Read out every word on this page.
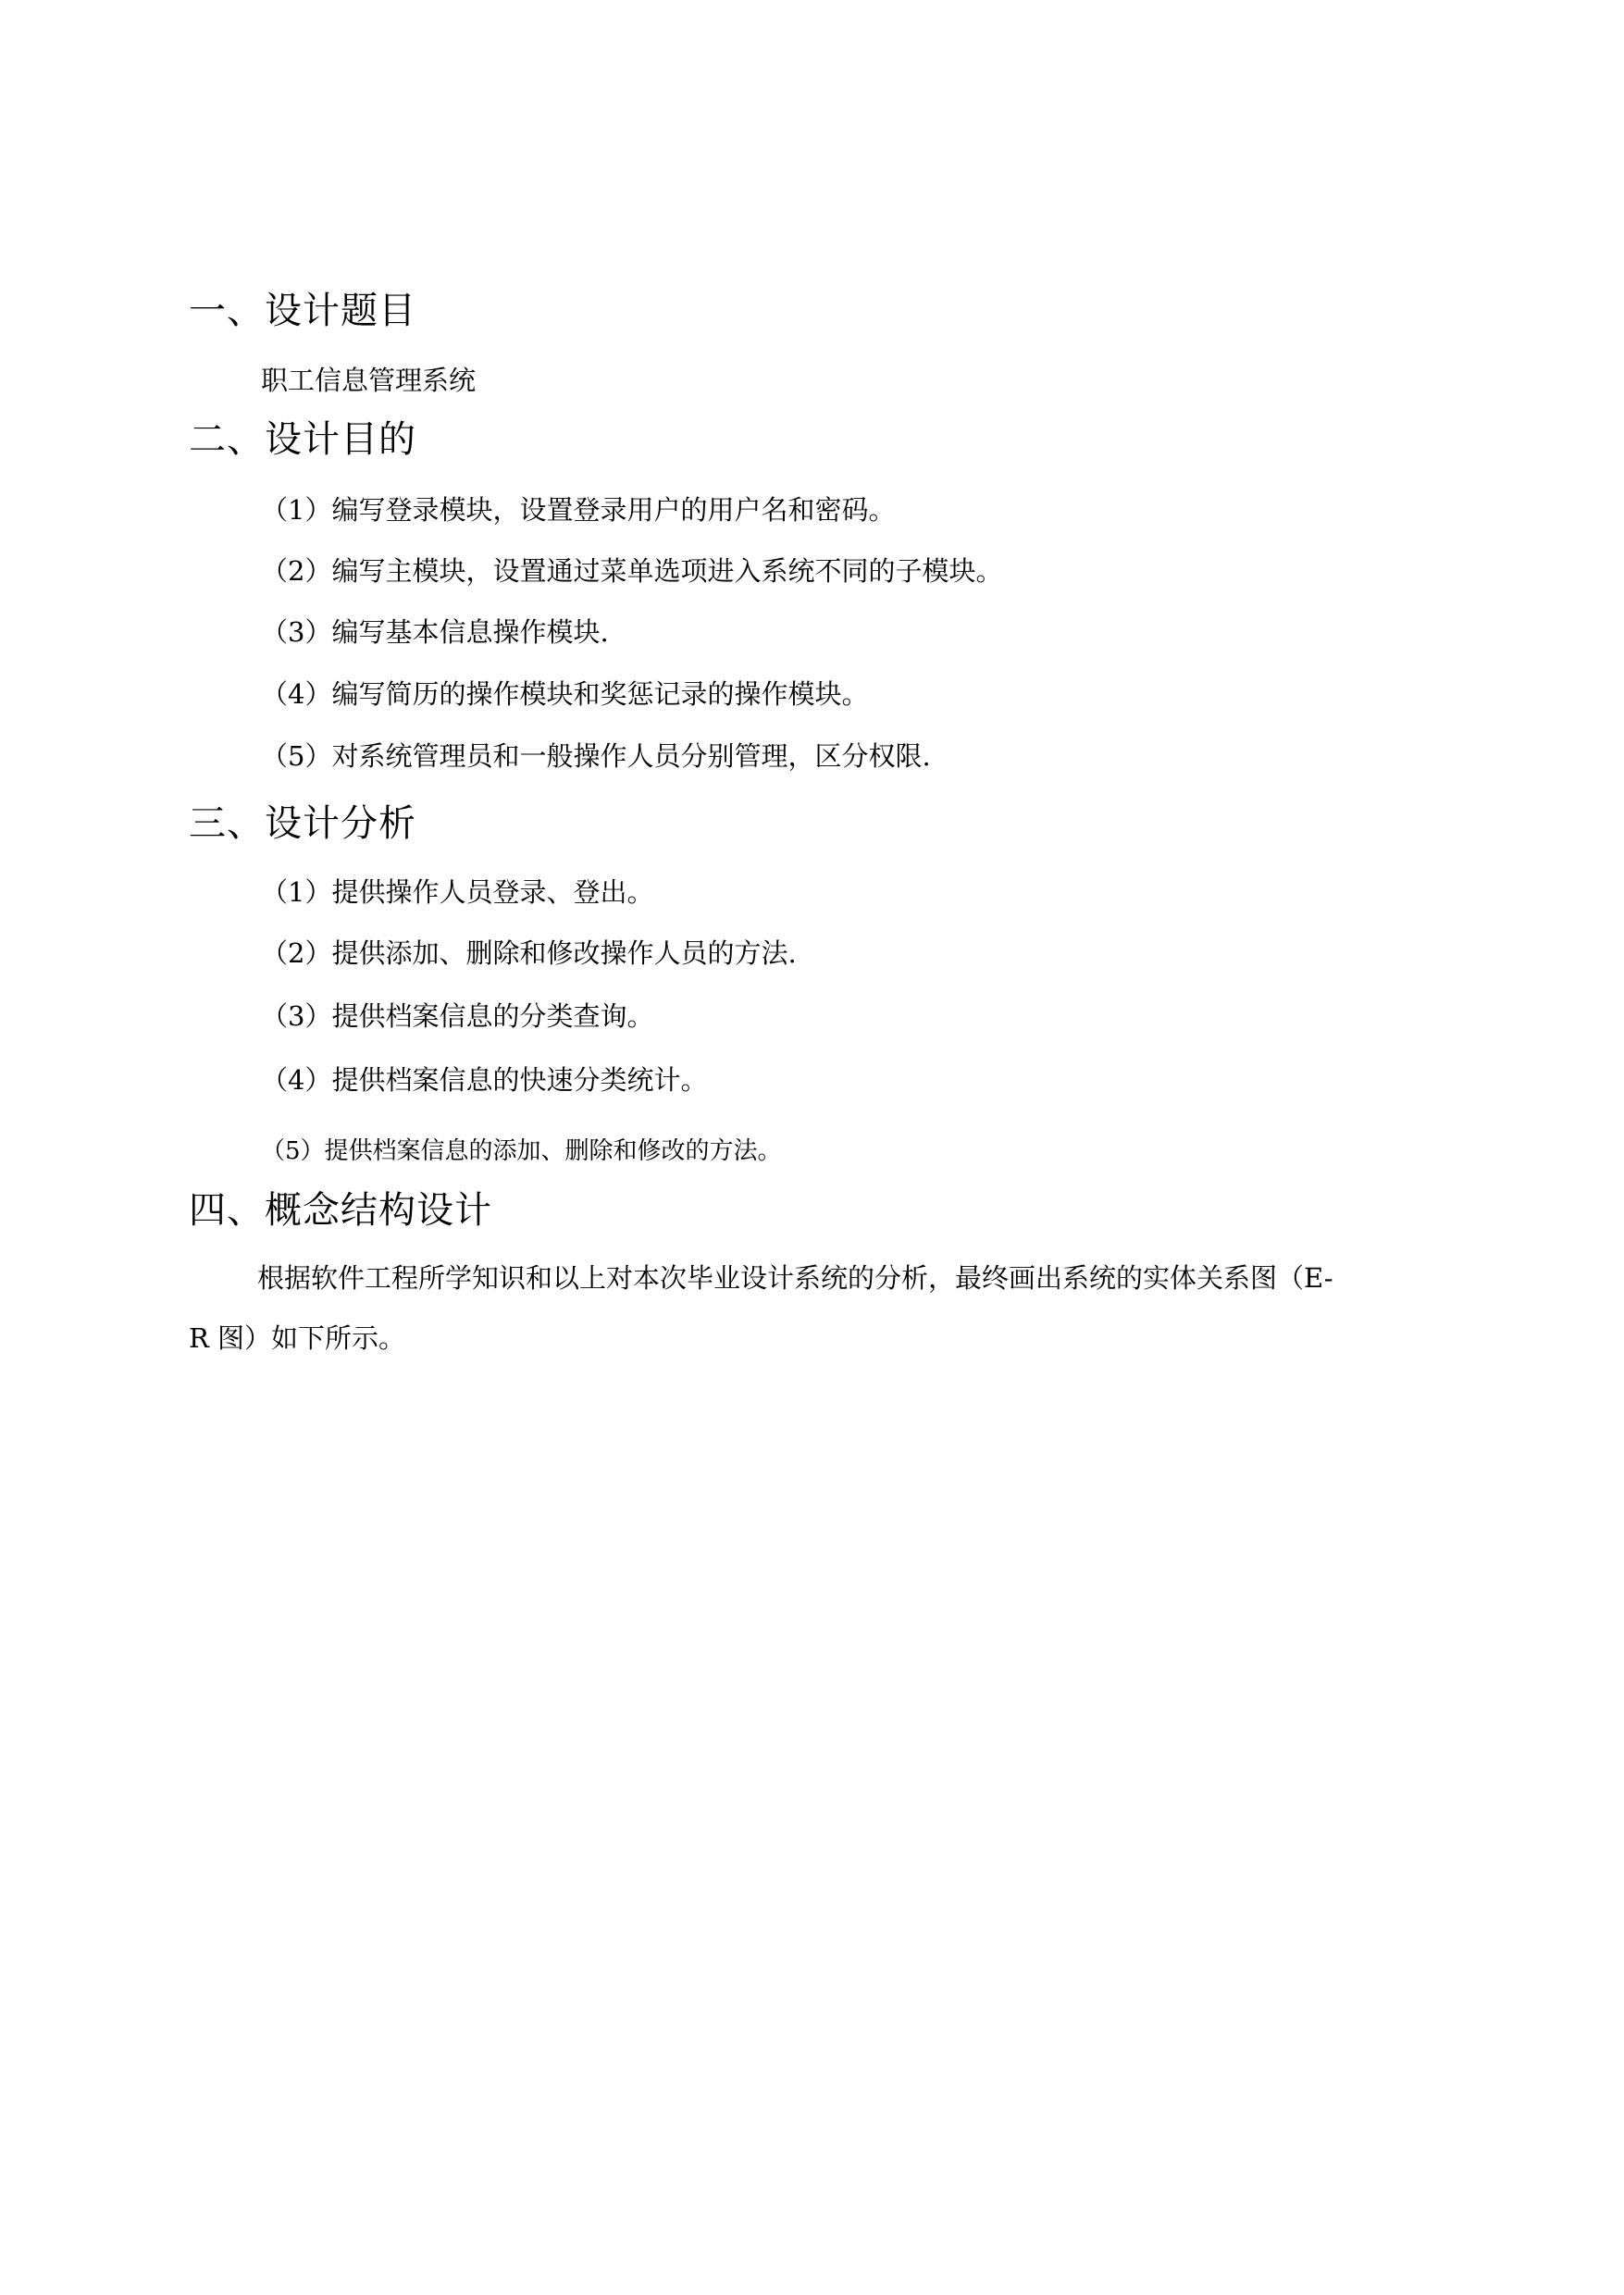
一、设计题目
职工信息管理系统
二、设计目的
（1）编写登录模块，设置登录用户的用户名和密码。
（2）编写主模块，设置通过菜单选项进入系统不同的子模块。
（3）编写基本信息操作模块.
（4）编写简历的操作模块和奖惩记录的操作模块。
（5）对系统管理员和一般操作人员分别管理，区分权限.
三、设计分析
（1）提供操作人员登录、登出。
（2）提供添加、删除和修改操作人员的方法.
（3）提供档案信息的分类查询。
（4）提供档案信息的快速分类统计。
（5）提供档案信息的添加、删除和修改的方法。
四、概念结构设计
根据软件工程所学知识和以上对本次毕业设计系统的分析，最终画出系统的实体关系图（E-
R 图）如下所示。
